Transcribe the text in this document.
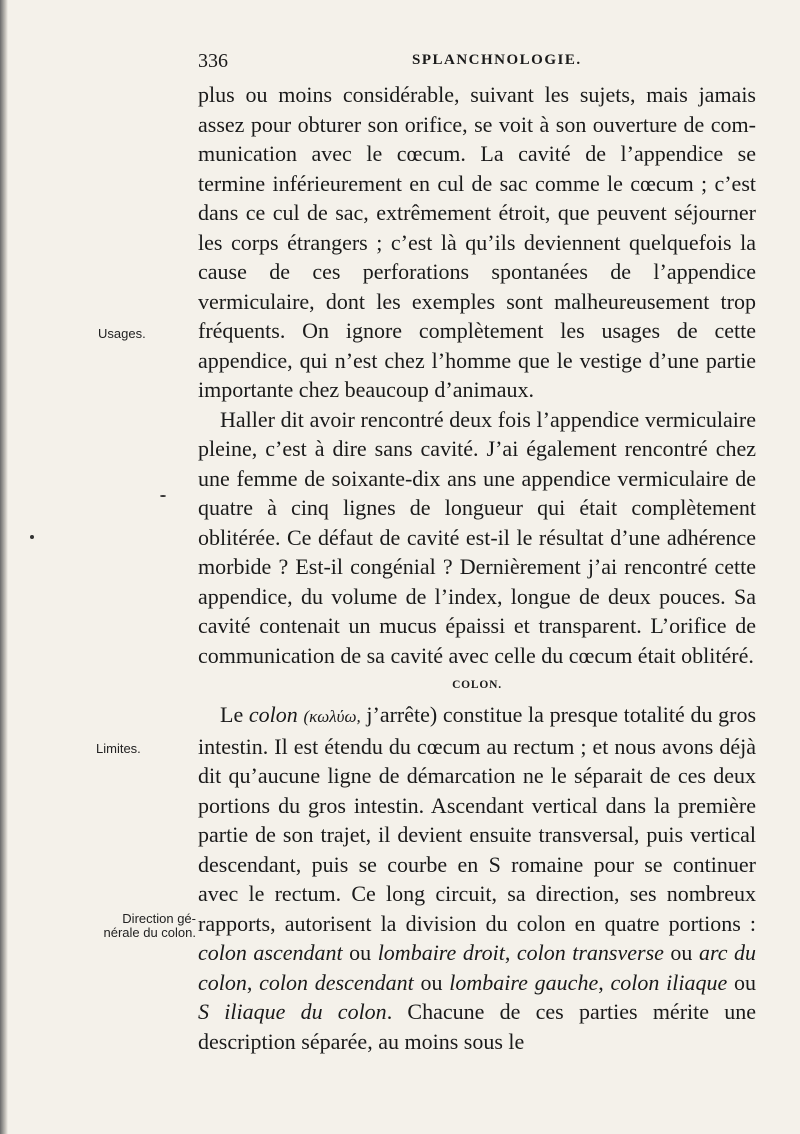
336	SPLANCHNOLOGIE.
Usages.
Limites.
Direction gé-
nérale du colon.

plus ou moins considérable, suivant les sujets, mais jamais assez pour obturer son orifice, se voit à son ouverture de communication avec le cœcum. La cavité de l’appendice se termine inférieurement en cul de sac comme le cœcum ; c’est dans ce cul de sac, extrêmement étroit, que peuvent séjourner les corps étrangers ; c’est là qu’ils deviennent quelquefois la cause de ces perforations spontanées de l’appendice vermiculaire, dont les exemples sont malheureusement trop fréquents. On ignore complètement les usages de cette appendice, qui n’est chez l’homme que le vestige d’une partie importante chez beaucoup d’animaux.

Haller dit avoir rencontré deux fois l’appendice vermiculaire pleine, c’est à dire sans cavité. J’ai également rencontré chez une femme de soixante-dix ans une appendice vermiculaire de quatre à cinq lignes de longueur qui était complètement oblitérée. Ce défaut de cavité est-il le résultat d’une adhérence morbide ? Est-il congénial ? Dernièrement j’ai rencontré cette appendice, du volume de l’index, longue de deux pouces. Sa cavité contenait un mucus épaissi et transparent. L’orifice de communication de sa cavité avec celle du cœcum était oblitéré.

COLON.

Le colon (κωλύω, j’arrête) constitue la presque totalité du gros intestin. Il est étendu du cœcum au rectum ; et nous avons déjà dit qu’aucune ligne de démarcation ne le séparait de ces deux portions du gros intestin. Ascendant vertical dans la première partie de son trajet, il devient ensuite transversal, puis vertical descendant, puis se courbe en S romaine pour se continuer avec le rectum. Ce long circuit, sa direction, ses nombreux rapports, autorisent la division du colon en quatre portions : colon ascendant ou lombaire droit, colon transverse ou arc du colon, colon descendant ou lombaire gauche, colon iliaque ou S iliaque du colon. Chacune de ces parties mérite une description séparée, au moins sous le
